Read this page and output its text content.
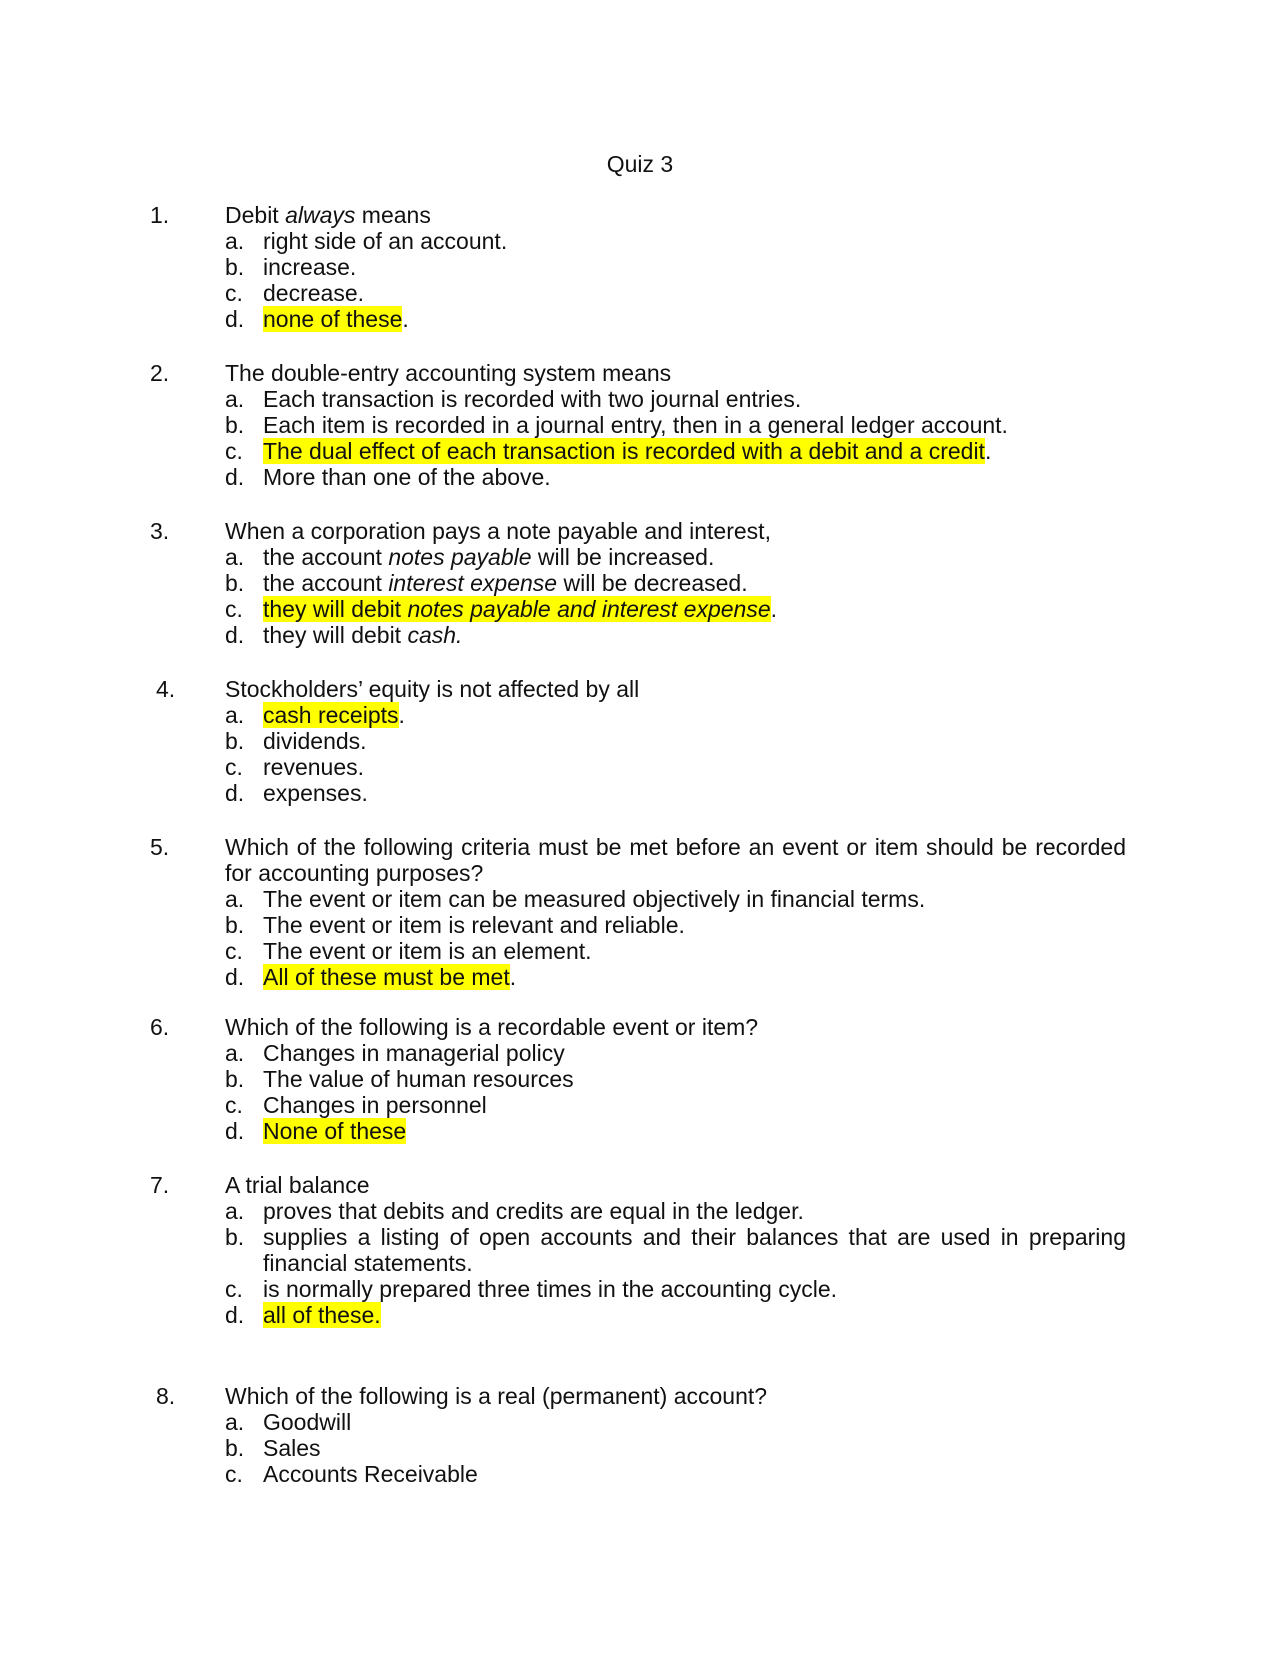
Quiz 3
1. Debit always means
a. right side of an account.
b. increase.
c. decrease.
d. none of these.
2. The double-entry accounting system means
a. Each transaction is recorded with two journal entries.
b. Each item is recorded in a journal entry, then in a general ledger account.
c. The dual effect of each transaction is recorded with a debit and a credit.
d. More than one of the above.
3. When a corporation pays a note payable and interest,
a. the account notes payable will be increased.
b. the account interest expense will be decreased.
c. they will debit notes payable and interest expense.
d. they will debit cash.
4. Stockholders’ equity is not affected by all
a. cash receipts.
b. dividends.
c. revenues.
d. expenses.
5. Which of the following criteria must be met before an event or item should be recorded for accounting purposes?
a. The event or item can be measured objectively in financial terms.
b. The event or item is relevant and reliable.
c. The event or item is an element.
d. All of these must be met.
6. Which of the following is a recordable event or item?
a. Changes in managerial policy
b. The value of human resources
c. Changes in personnel
d. None of these
7. A trial balance
a. proves that debits and credits are equal in the ledger.
b. supplies a listing of open accounts and their balances that are used in preparing financial statements.
c. is normally prepared three times in the accounting cycle.
d. all of these.
8. Which of the following is a real (permanent) account?
a. Goodwill
b. Sales
c. Accounts Receivable
